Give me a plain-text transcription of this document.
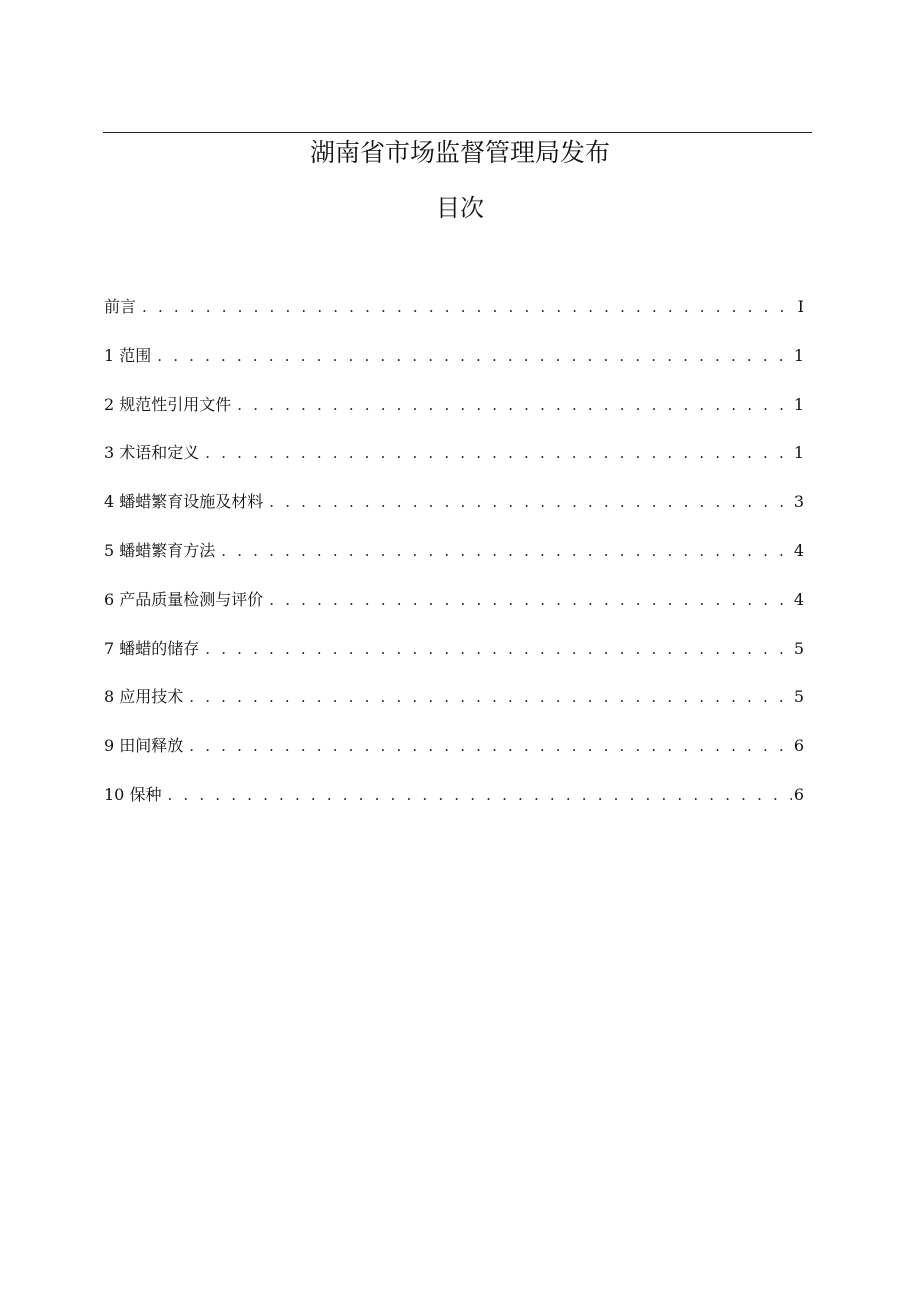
湖南省市场监督管理局发布
目次
前言 . . .	I
1 范围 . . .	1
2 规范性引用文件 . . .	1
3 术语和定义 . . .	1
4 蟠蜡繁育设施及材料 . . .	3
5 蟠蜡繁育方法 . . .	4
6 产品质量检测与评价 . . .	4
7 蟠蜡的储存 . . .	5
8 应用技术 . . .	5
9 田间释放 . . .	6
10 保种 . . .	6
